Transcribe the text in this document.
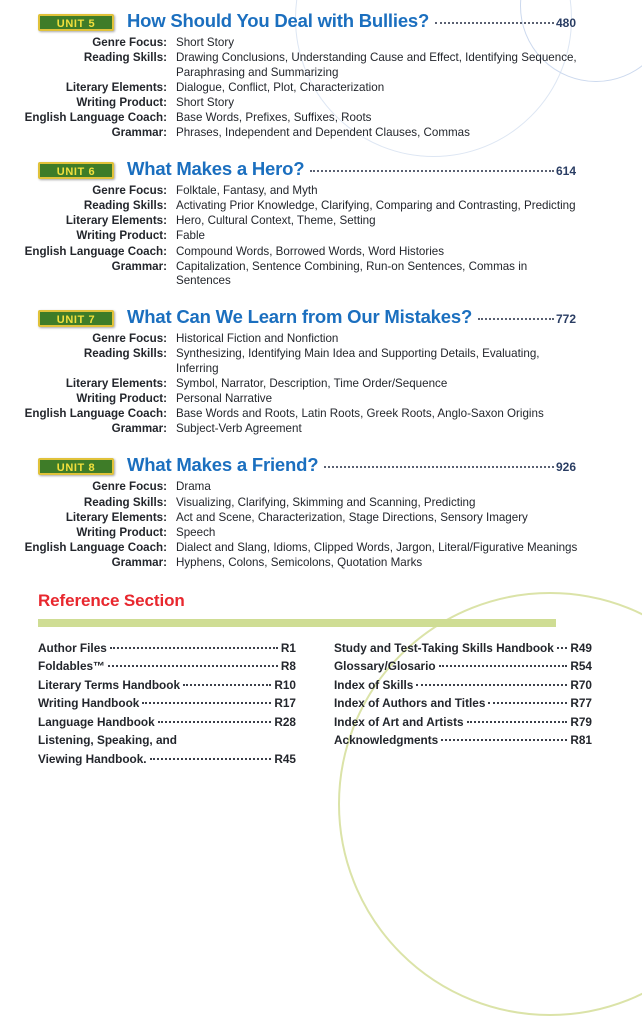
UNIT 5	How Should You Deal with Bullies?	480
Genre Focus: Short Story
Reading Skills: Drawing Conclusions, Understanding Cause and Effect, Identifying Sequence, Paraphrasing and Summarizing
Literary Elements: Dialogue, Conflict, Plot, Characterization
Writing Product: Short Story
English Language Coach: Base Words, Prefixes, Suffixes, Roots
Grammar: Phrases, Independent and Dependent Clauses, Commas
UNIT 6	What Makes a Hero?	614
Genre Focus: Folktale, Fantasy, and Myth
Reading Skills: Activating Prior Knowledge, Clarifying, Comparing and Contrasting, Predicting
Literary Elements: Hero, Cultural Context, Theme, Setting
Writing Product: Fable
English Language Coach: Compound Words, Borrowed Words, Word Histories
Grammar: Capitalization, Sentence Combining, Run-on Sentences, Commas in Sentences
UNIT 7	What Can We Learn from Our Mistakes?	772
Genre Focus: Historical Fiction and Nonfiction
Reading Skills: Synthesizing, Identifying Main Idea and Supporting Details, Evaluating, Inferring
Literary Elements: Symbol, Narrator, Description, Time Order/Sequence
Writing Product: Personal Narrative
English Language Coach: Base Words and Roots, Latin Roots, Greek Roots, Anglo-Saxon Origins
Grammar: Subject-Verb Agreement
UNIT 8	What Makes a Friend?	926
Genre Focus: Drama
Reading Skills: Visualizing, Clarifying, Skimming and Scanning, Predicting
Literary Elements: Act and Scene, Characterization, Stage Directions, Sensory Imagery
Writing Product: Speech
English Language Coach: Dialect and Slang, Idioms, Clipped Words, Jargon, Literal/Figurative Meanings
Grammar: Hyphens, Colons, Semicolons, Quotation Marks
Reference Section
Author Files	R1
Foldables™	R8
Literary Terms Handbook	R10
Writing Handbook	R17
Language Handbook	R28
Listening, Speaking, and
Viewing Handbook.	R45
Study and Test-Taking Skills Handbook R49
Glossary/Glosario	R54
Index of Skills	R70
Index of Authors and Titles	R77
Index of Art and Artists	R79
Acknowledgments	R81
